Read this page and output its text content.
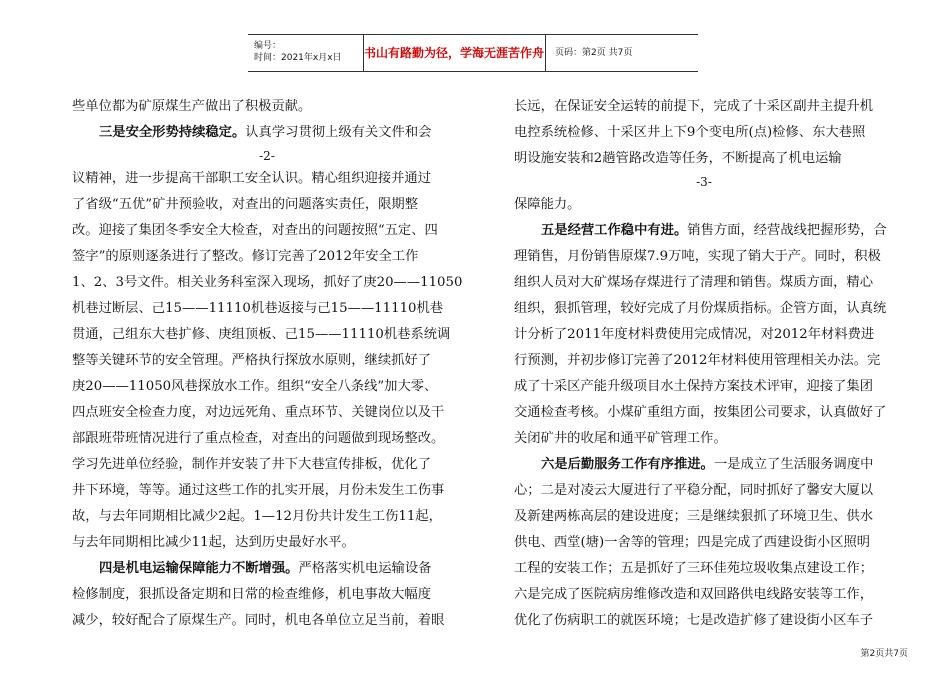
编号：
时间：2021年x月x日 书山有路勤为径，学海无涯苦作舟 页码：第2页 共7页

些单位都为矿原煤生产做出了积极贡献。

三是安全形势持续稳定。认真学习贯彻上级有关文件和会

-2-

议精神，进一步提高干部职工安全认识。精心组织迎接并通过

了省级“五优”矿井预验收，对查出的问题落实责任，限期整

改。迎接了集团冬季安全大检查，对查出的问题按照“五定、四

签字”的原则逐条进行了整改。修订完善了2012年安全工作

1、2、3号文件。相关业务科室深入现场，抓好了庚20——11050

机巷过断层、己15——11110机巷返接与己15——11110机巷

贯通，己组东大巷扩修、庚组顶板、己15——11110机巷系统调

整等关键环节的安全管理。严格执行探放水原则，继续抓好了

庚20——11050风巷探放水工作。组织“安全八条线”加大零、

四点班安全检查力度，对边远死角、重点环节、关键岗位以及干

部跟班带班情况进行了重点检查，对查出的问题做到现场整改。

学习先进单位经验，制作并安装了井下大巷宣传排板，优化了

井下环境，等等。通过这些工作的扎实开展，月份未发生工伤事

故，与去年同期相比减少2起。1—12月份共计发生工伤11起，

与去年同期相比减少11起，达到历史最好水平。

四是机电运输保障能力不断增强。严格落实机电运输设备

检修制度，狠抓设备定期和日常的检查维修，机电事故大幅度

减少，较好配合了原煤生产。同时，机电各单位立足当前，着眼

长远，在保证安全运转的前提下，完成了十采区副井主提升机

电控系统检修、十采区井上下9个变电所(点)检修、东大巷照

明设施安装和2趟管路改造等任务，不断提高了机电运输

-3-

保障能力。

五是经营工作稳中有进。销售方面，经营战线把握形势，合

理销售，月份销售原煤7.9万吨，实现了销大于产。同时，积极

组织人员对大矿煤场存煤进行了清理和销售。煤质方面，精心

组织，狠抓管理，较好完成了月份煤质指标。企管方面，认真统

计分析了2011年度材料费使用完成情况，对2012年材料费进

行预测，并初步修订完善了2012年材料使用管理相关办法。完

成了十采区产能升级项目水土保持方案技术评审，迎接了集团

交通检查考核。小煤矿重组方面，按集团公司要求，认真做好了

关闭矿井的收尾和通平矿管理工作。

六是后勤服务工作有序推进。一是成立了生活服务调度中

心；二是对凌云大厦进行了平稳分配，同时抓好了馨安大厦以

及新建两栋高层的建设进度；三是继续狠抓了环境卫生、供水

供电、西堂(塘)一舍等的管理；四是完成了西建设街小区照明

工程的安装工作；五是抓好了三环佳苑垃圾收集点建设工作；

六是完成了医院病房维修改造和双回路供电线路安装等工作，

优化了伤病职工的就医环境；七是改造扩修了建设街小区车子

第2页共7页
